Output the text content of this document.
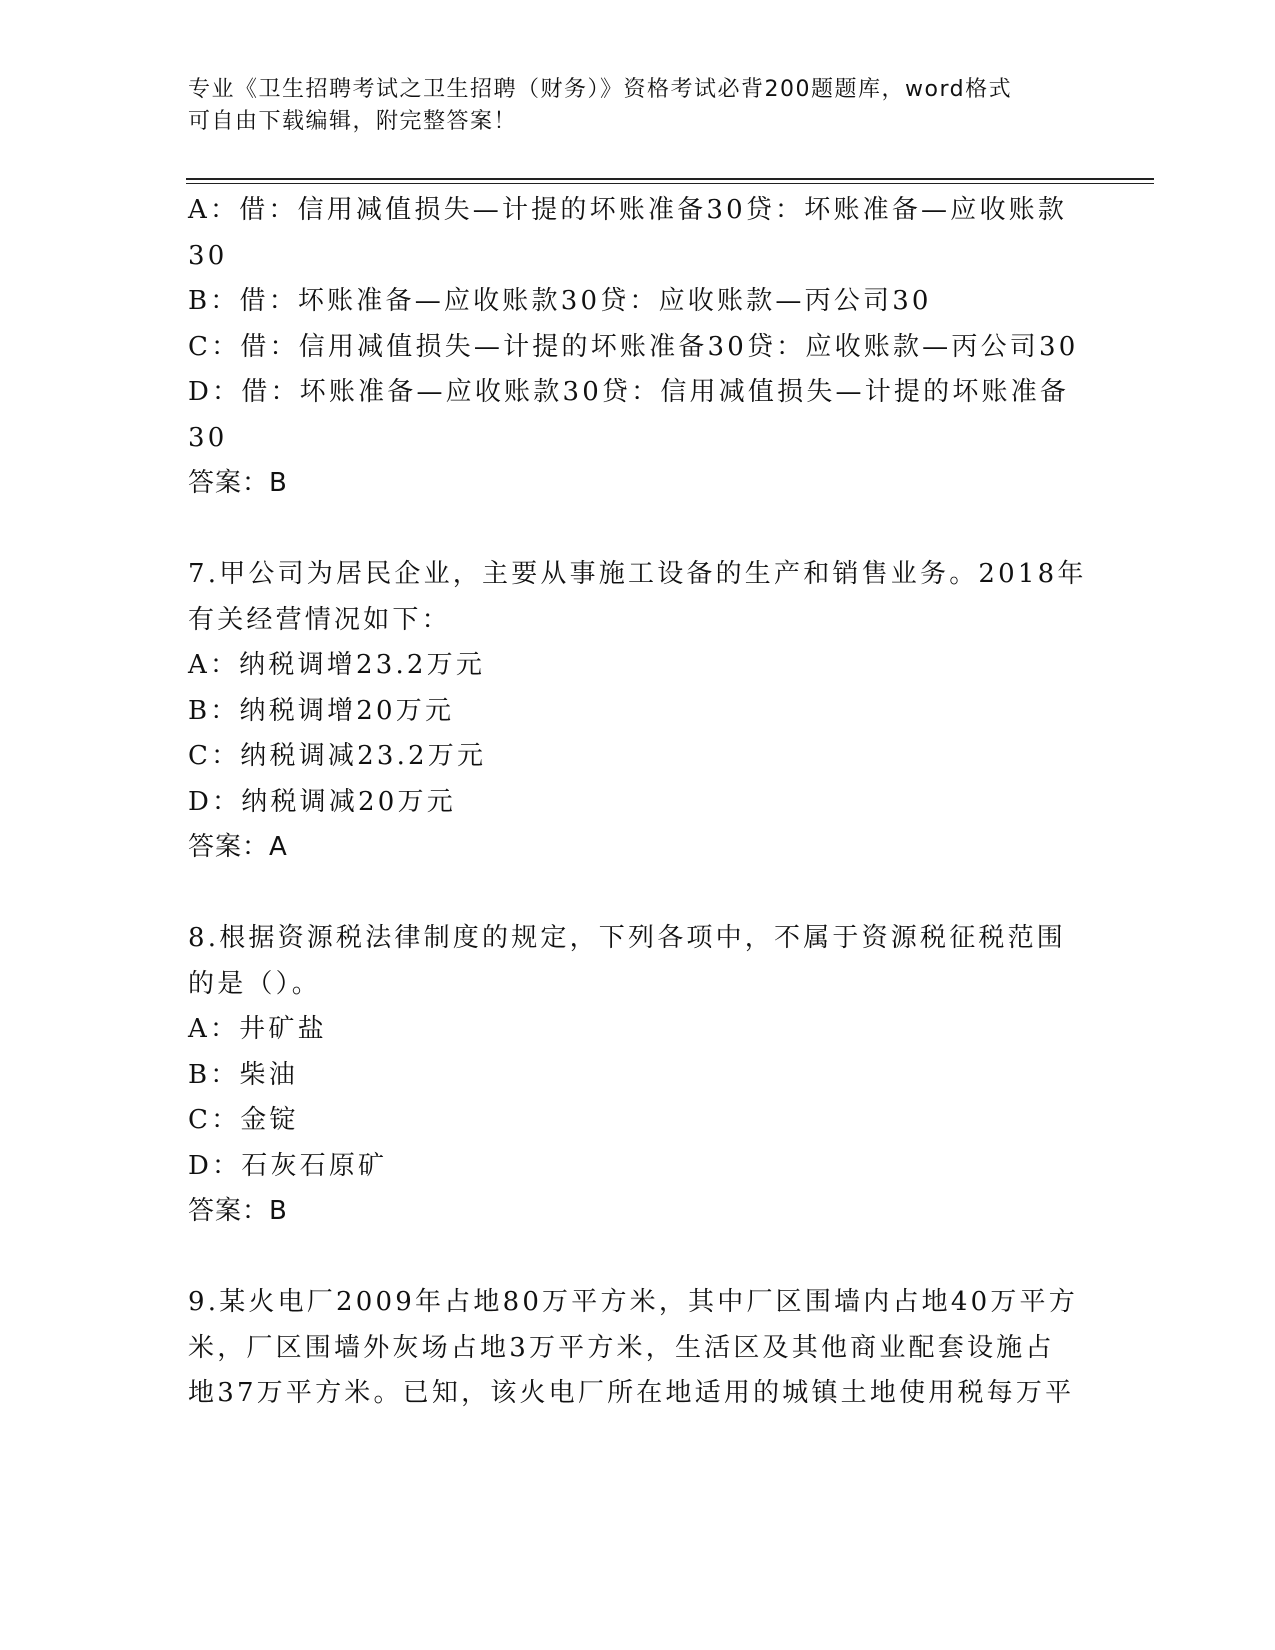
专业《卫生招聘考试之卫生招聘（财务）》资格考试必背200题题库，word格式
可自由下载编辑，附完整答案！
A：借：信用减值损失—计提的坏账准备30贷：坏账准备—应收账款
30
B：借：坏账准备—应收账款30贷：应收账款—丙公司30
C：借：信用减值损失—计提的坏账准备30贷：应收账款—丙公司30
D：借：坏账准备—应收账款30贷：信用减值损失—计提的坏账准备
30
答案：B
7.甲公司为居民企业，主要从事施工设备的生产和销售业务。2018年
有关经营情况如下：
A：纳税调增23.2万元
B：纳税调增20万元
C：纳税调减23.2万元
D：纳税调减20万元
答案：A
8.根据资源税法律制度的规定，下列各项中，不属于资源税征税范围
的是（）。
A：井矿盐
B：柴油
C：金锭
D：石灰石原矿
答案：B
9.某火电厂2009年占地80万平方米，其中厂区围墙内占地40万平方
米，厂区围墙外灰场占地3万平方米，生活区及其他商业配套设施占
地37万平方米。已知，该火电厂所在地适用的城镇土地使用税每万平
